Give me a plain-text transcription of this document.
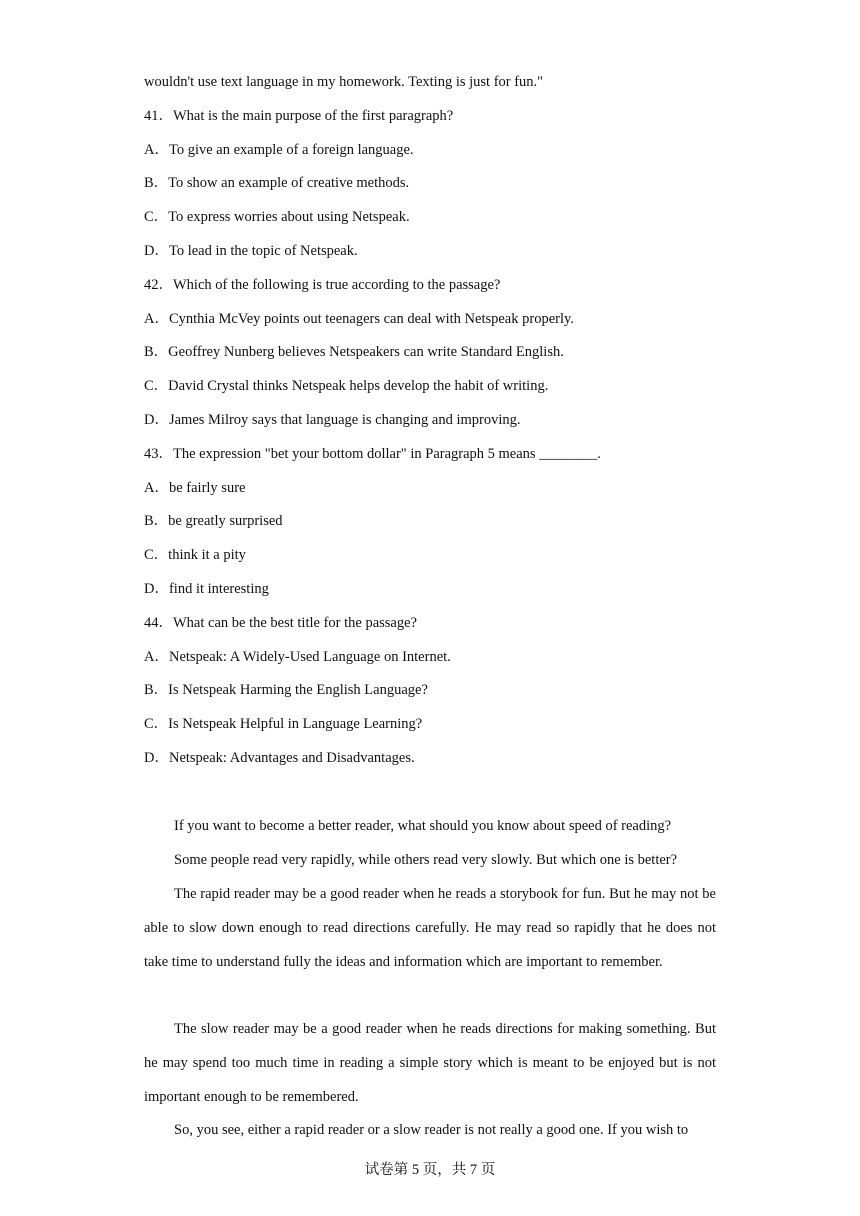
wouldn't use text language in my homework. Texting is just for fun."
41．What is the main purpose of the first paragraph?
A．To give an example of a foreign language.
B．To show an example of creative methods.
C．To express worries about using Netspeak.
D．To lead in the topic of Netspeak.
42．Which of the following is true according to the passage?
A．Cynthia McVey points out teenagers can deal with Netspeak properly.
B．Geoffrey Nunberg believes Netspeakers can write Standard English.
C．David Crystal thinks Netspeak helps develop the habit of writing.
D．James Milroy says that language is changing and improving.
43．The expression "bet your bottom dollar" in Paragraph 5 means ________.
A．be fairly sure
B．be greatly surprised
C．think it a pity
D．find it interesting
44．What can be the best title for the passage?
A．Netspeak: A Widely-Used Language on Internet.
B．Is Netspeak Harming the English Language?
C．Is Netspeak Helpful in Language Learning?
D．Netspeak: Advantages and Disadvantages.
If you want to become a better reader, what should you know about speed of reading?
Some people read very rapidly, while others read very slowly. But which one is better?
The rapid reader may be a good reader when he reads a storybook for fun. But he may not be able to slow down enough to read directions carefully. He may read so rapidly that he does not take time to understand fully the ideas and information which are important to remember.
The slow reader may be a good reader when he reads directions for making something. But he may spend too much time in reading a simple story which is meant to be enjoyed but is not important enough to be remembered.
So, you see, either a rapid reader or a slow reader is not really a good one. If you wish to
试卷第 5 页，共 7 页
